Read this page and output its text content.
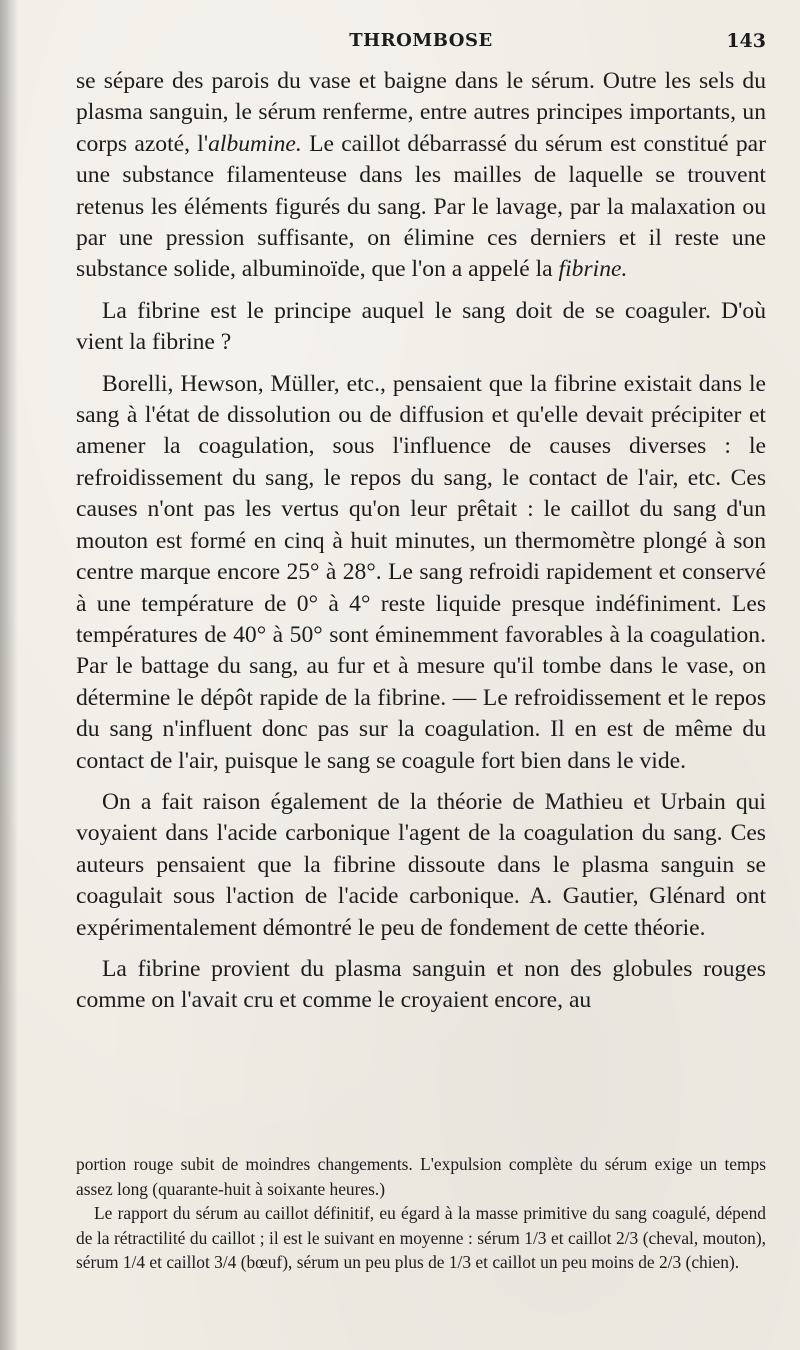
THROMBOSE	143

se sépare des parois du vase et baigne dans le sérum. Outre les sels du plasma sanguin, le sérum renferme, entre autres principes importants, un corps azoté, l'albumine. Le caillot débarrassé du sérum est constitué par une substance filamenteuse dans les mailles de laquelle se trouvent retenus les éléments figurés du sang. Par le lavage, par la malaxation ou par une pression suffisante, on élimine ces derniers et il reste une substance solide, albuminoïde, que l'on a appelé la fibrine.

La fibrine est le principe auquel le sang doit de se coaguler. D'où vient la fibrine ?

Borelli, Hewson, Müller, etc., pensaient que la fibrine existait dans le sang à l'état de dissolution ou de diffusion et qu'elle devait précipiter et amener la coagulation, sous l'influence de causes diverses : le refroidissement du sang, le repos du sang, le contact de l'air, etc. Ces causes n'ont pas les vertus qu'on leur prêtait : le caillot du sang d'un mouton est formé en cinq à huit minutes, un thermomètre plongé à son centre marque encore 25° à 28°. Le sang refroidi rapidement et conservé à une température de 0° à 4° reste liquide presque indéfiniment. Les températures de 40° à 50° sont éminemment favorables à la coagulation. Par le battage du sang, au fur et à mesure qu'il tombe dans le vase, on détermine le dépôt rapide de la fibrine. — Le refroidissement et le repos du sang n'influent donc pas sur la coagulation. Il en est de même du contact de l'air, puisque le sang se coagule fort bien dans le vide.

On a fait raison également de la théorie de Mathieu et Urbain qui voyaient dans l'acide carbonique l'agent de la coagulation du sang. Ces auteurs pensaient que la fibrine dissoute dans le plasma sanguin se coagulait sous l'action de l'acide carbonique. A. Gautier, Glénard ont expérimentalement démontré le peu de fondement de cette théorie.

La fibrine provient du plasma sanguin et non des globules rouges comme on l'avait cru et comme le croyaient encore, au

portion rouge subit de moindres changements. L'expulsion complète du sérum exige un temps assez long (quarante-huit à soixante heures.)

Le rapport du sérum au caillot définitif, eu égard à la masse primitive du sang coagulé, dépend de la rétractilité du caillot ; il est le suivant en moyenne : sérum 1/3 et caillot 2/3 (cheval, mouton), sérum 1/4 et caillot 3/4 (bœuf), sérum un peu plus de 1/3 et caillot un peu moins de 2/3 (chien).
